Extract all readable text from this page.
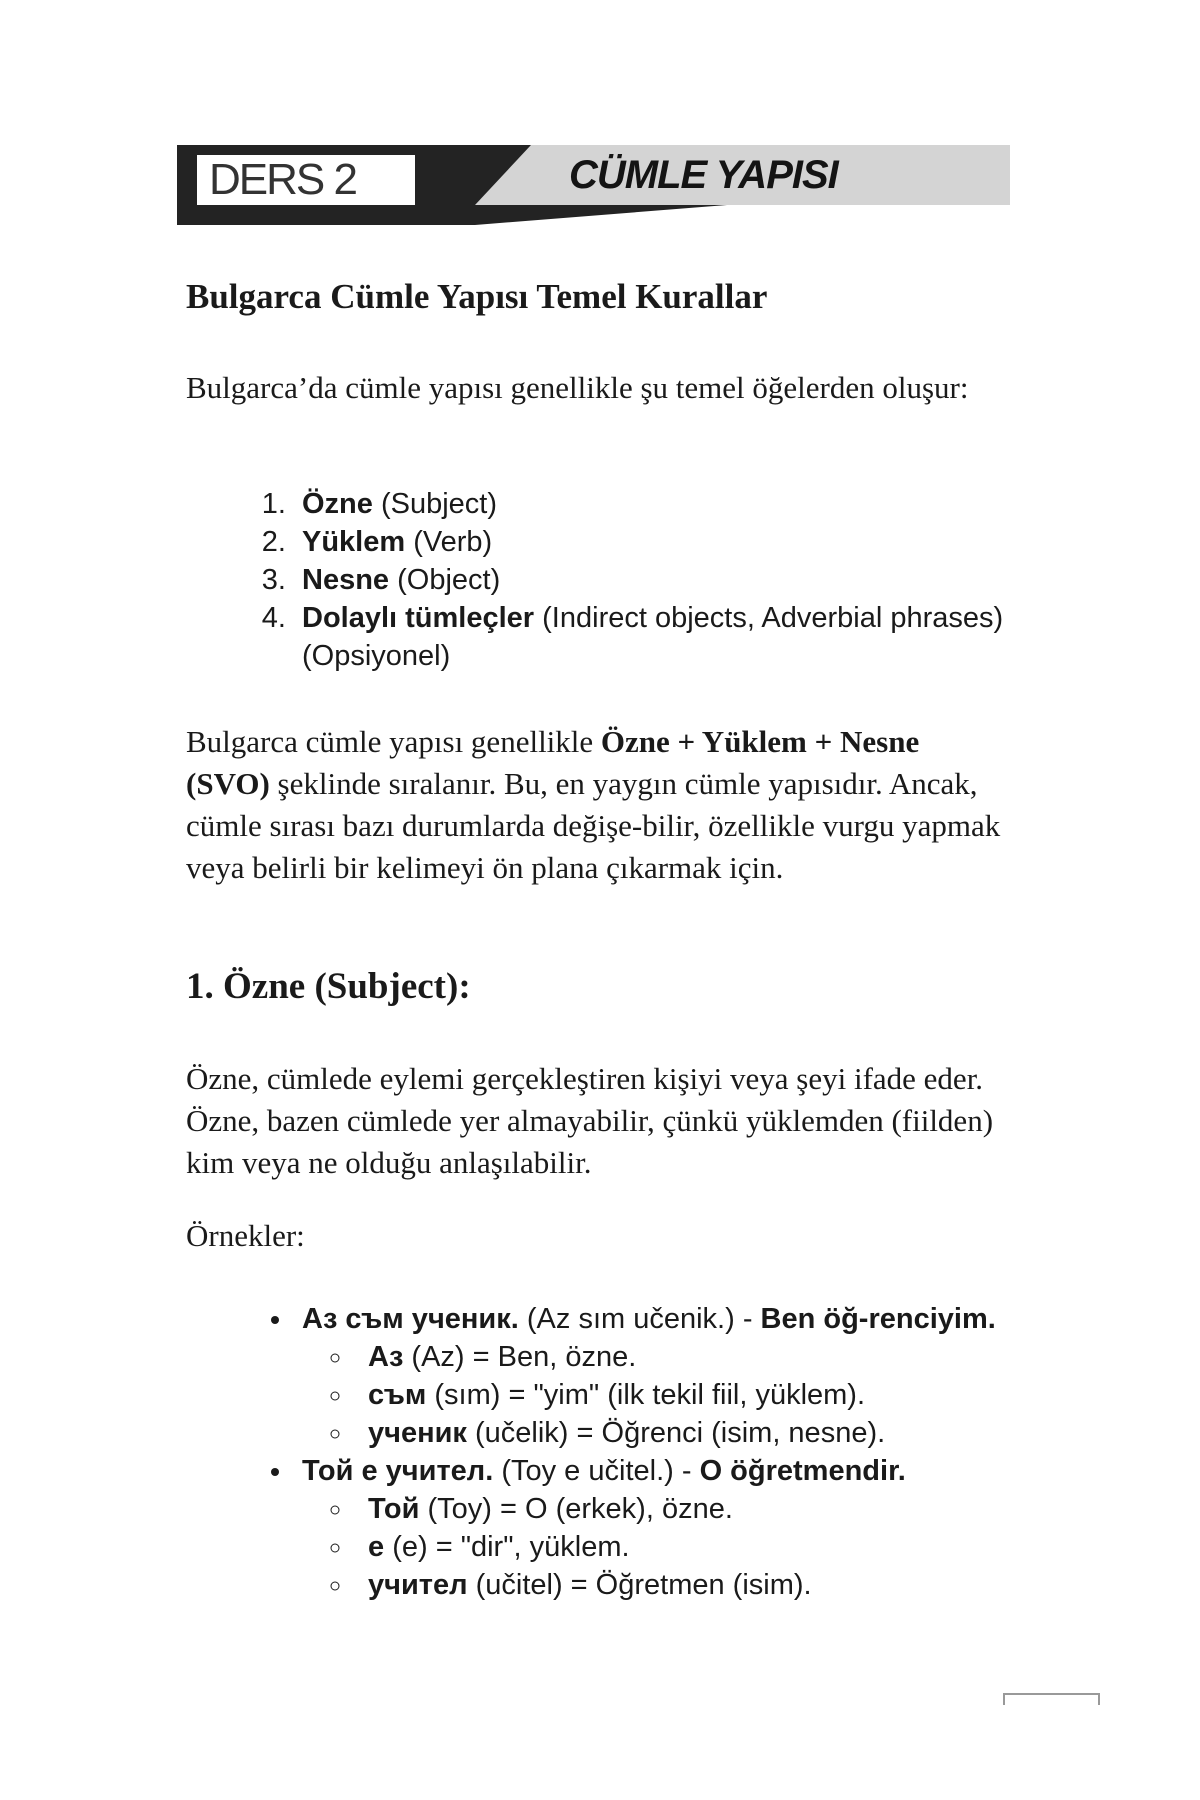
DERS 2	CÜMLE YAPISI
Bulgarca Cümle Yapısı Temel Kurallar

Bulgarca’da cümle yapısı genellikle şu temel öğelerden oluşur:

1. Özne (Subject)
2. Yüklem (Verb)
3. Nesne (Object)
4. Dolaylı tümleçler (Indirect objects, Adverbial phrases) (Opsiyonel)

Bulgarca cümle yapısı genellikle Özne + Yüklem + Nesne (SVO) şeklinde sıralanır. Bu, en yaygın cümle yapısıdır. Ancak, cümle sırası bazı durumlarda değişe-bilir, özellikle vurgu yapmak veya belirli bir kelimeyi ön plana çıkarmak için.

1. Özne (Subject):

Özne, cümlede eylemi gerçekleştiren kişiyi veya şeyi ifade eder. Özne, bazen cümlede yer almayabilir, çünkü yüklemden (fiilden) kim veya ne olduğu anlaşılabilir.

Örnekler:

• Аз съм ученик. (Az sım učenik.) - Ben öğ-renciyim.
◦ Аз (Az) = Ben, özne.
◦ съм (sım) = "yim" (ilk tekil fiil, yüklem).
◦ ученик (učelik) = Öğrenci (isim, nesne).
• Той е учител. (Toy e učitel.) - O öğretmendir.
◦ Той (Toy) = O (erkek), özne.
◦ е (e) = "dir", yüklem.
◦ учител (učitel) = Öğretmen (isim).
